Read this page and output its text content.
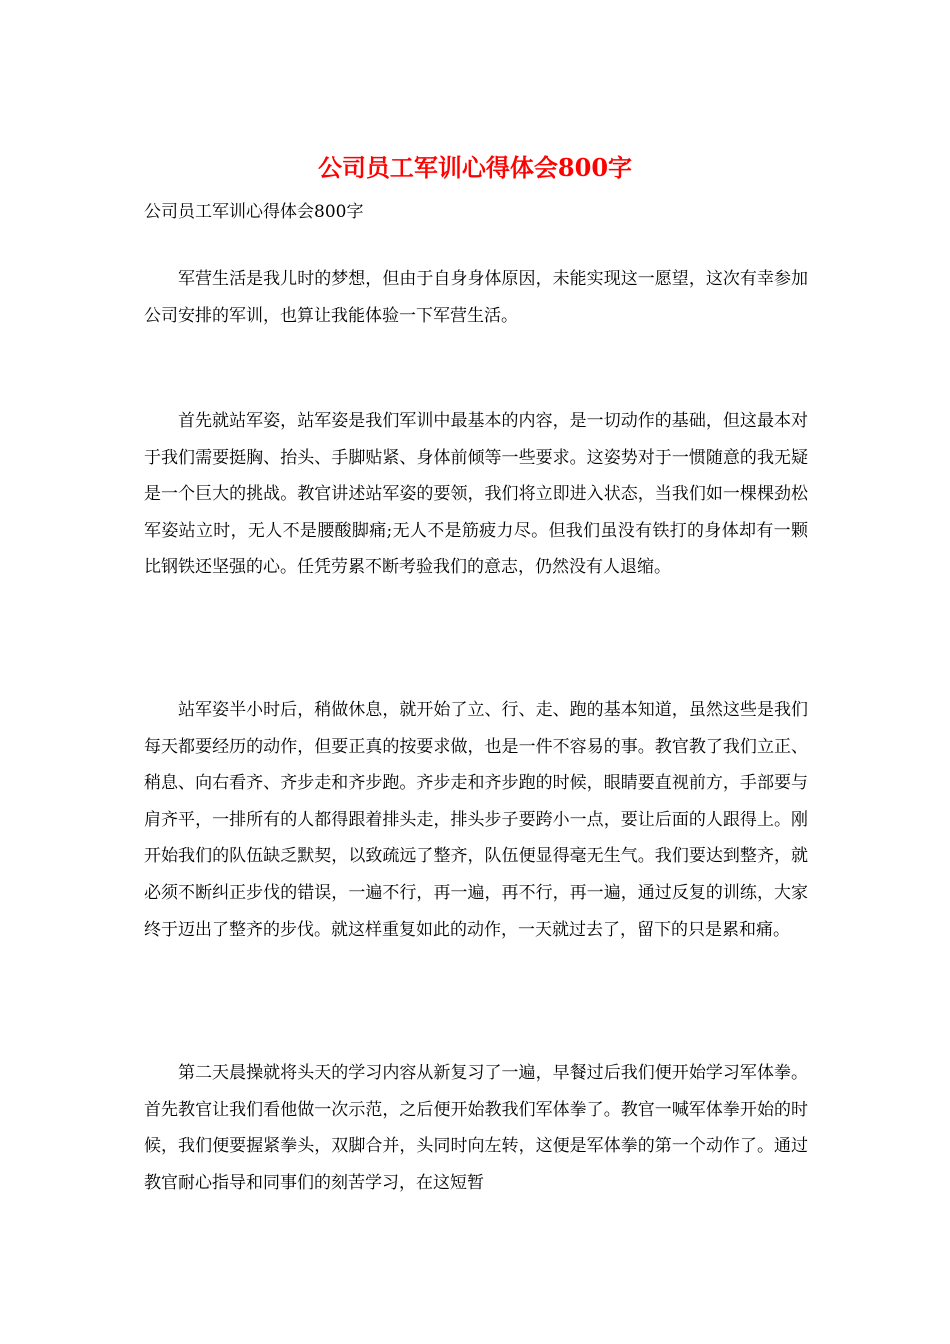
公司员工军训心得体会800字

公司员工军训心得体会800字

军营生活是我儿时的梦想，但由于自身身体原因，未能实现这一愿望，这次有幸参加公司安排的军训，也算让我能体验一下军营生活。

首先就站军姿，站军姿是我们军训中最基本的内容，是一切动作的基础，但这最本对于我们需要挺胸、抬头、手脚贴紧、身体前倾等一些要求。这姿势对于一惯随意的我无疑是一个巨大的挑战。教官讲述站军姿的要领，我们将立即进入状态，当我们如一棵棵劲松军姿站立时，无人不是腰酸脚痛;无人不是筋疲力尽。但我们虽没有铁打的身体却有一颗比钢铁还坚强的心。任凭劳累不断考验我们的意志，仍然没有人退缩。

站军姿半小时后，稍做休息，就开始了立、行、走、跑的基本知道，虽然这些是我们每天都要经历的动作，但要正真的按要求做，也是一件不容易的事。教官教了我们立正、稍息、向右看齐、齐步走和齐步跑。齐步走和齐步跑的时候，眼睛要直视前方，手部要与肩齐平，一排所有的人都得跟着排头走，排头步子要跨小一点，要让后面的人跟得上。刚开始我们的队伍缺乏默契，以致疏远了整齐，队伍便显得毫无生气。我们要达到整齐，就必须不断纠正步伐的错误，一遍不行，再一遍，再不行，再一遍，通过反复的训练，大家终于迈出了整齐的步伐。就这样重复如此的动作，一天就过去了，留下的只是累和痛。

第二天晨操就将头天的学习内容从新复习了一遍，早餐过后我们便开始学习军体拳。首先教官让我们看他做一次示范，之后便开始教我们军体拳了。教官一喊军体拳开始的时候，我们便要握紧拳头，双脚合并，头同时向左转，这便是军体拳的第一个动作了。通过教官耐心指导和同事们的刻苦学习，在这短暂
